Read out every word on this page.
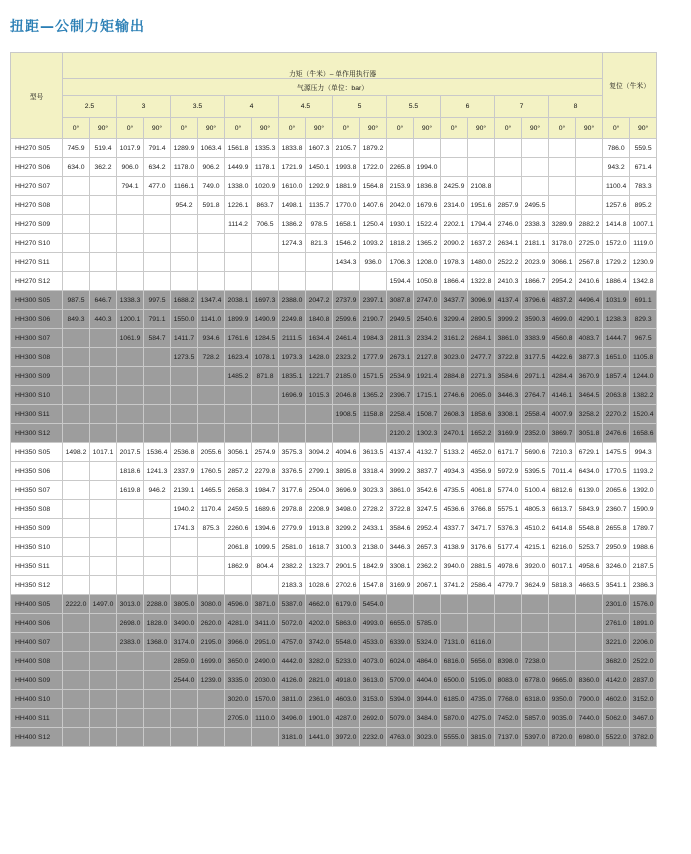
扭距—公制力矩输出
型号	力矩（牛米）– 单作用执行器																				复位（牛米）	
	气源压力（单位：bar）																					
	2.5		3		3.5		4		4.5		5		5.5		6		7		8			
	0°	90°	0°	90°	0°	90°	0°	90°	0°	90°	0°	90°	0°	90°	0°	90°	0°	90°	0°	90°	0°	90°
HH270 S05	745.9	519.4	1017.9	791.4	1289.9	1063.4	1561.8	1335.3	1833.8	1607.3	2105.7	1879.2									786.0	559.5
HH270 S06	634.0	362.2	906.0	634.2	1178.0	906.2	1449.9	1178.1	1721.9	1450.1	1993.8	1722.0	2265.8	1994.0							943.2	671.4
HH270 S07			794.1	477.0	1166.1	749.0	1338.0	1020.9	1610.0	1292.9	1881.9	1564.8	2153.9	1836.8	2425.9	2108.8					1100.4	783.3
HH270 S08					954.2	591.8	1226.1	863.7	1498.1	1135.7	1770.0	1407.6	2042.0	1679.6	2314.0	1951.6	2857.9	2495.5			1257.6	895.2
HH270 S09							1114.2	706.5	1386.2	978.5	1658.1	1250.4	1930.1	1522.4	2202.1	1794.4	2746.0	2338.3	3289.9	2882.2	1414.8	1007.1
HH270 S10									1274.3	821.3	1546.2	1093.2	1818.2	1365.2	2090.2	1637.2	2634.1	2181.1	3178.0	2725.0	1572.0	1119.0
HH270 S11											1434.3	936.0	1706.3	1208.0	1978.3	1480.0	2522.2	2023.9	3066.1	2567.8	1729.2	1230.9
HH270 S12													1594.4	1050.8	1866.4	1322.8	2410.3	1866.7	2954.2	2410.6	1886.4	1342.8
HH300 S05	987.5	646.7	1338.3	997.5	1688.2	1347.4	2038.1	1697.3	2388.0	2047.2	2737.9	2397.1	3087.8	2747.0	3437.7	3096.9	4137.4	3796.6	4837.2	4496.4	1031.9	691.1
HH300 S06	849.3	440.3	1200.1	791.1	1550.0	1141.0	1899.9	1490.9	2249.8	1840.8	2599.6	2190.7	2949.5	2540.6	3299.4	2890.5	3999.2	3590.3	4699.0	4290.1	1238.3	829.3
HH300 S07			1061.9	584.7	1411.7	934.6	1761.6	1284.5	2111.5	1634.4	2461.4	1984.3	2811.3	2334.2	3161.2	2684.1	3861.0	3383.9	4560.8	4083.7	1444.7	967.5
HH300 S08					1273.5	728.2	1623.4	1078.1	1973.3	1428.0	2323.2	1777.9	2673.1	2127.8	3023.0	2477.7	3722.8	3177.5	4422.6	3877.3	1651.0	1105.8
HH300 S09							1485.2	871.8	1835.1	1221.7	2185.0	1571.5	2534.9	1921.4	2884.8	2271.3	3584.6	2971.1	4284.4	3670.9	1857.4	1244.0
HH300 S10									1696.9	1015.3	2046.8	1365.2	2396.7	1715.1	2746.6	2065.0	3446.3	2764.7	4146.1	3464.5	2063.8	1382.2
HH300 S11											1908.5	1158.8	2258.4	1508.7	2608.3	1858.6	3308.1	2558.4	4007.9	3258.2	2270.2	1520.4
HH300 S12													2120.2	1302.3	2470.1	1652.2	3169.9	2352.0	3869.7	3051.8	2476.6	1658.6
HH350 S05	1498.2	1017.1	2017.5	1536.4	2536.8	2055.6	3056.1	2574.9	3575.3	3094.2	4094.6	3613.5	4137.4	4132.7	5133.2	4652.0	6171.7	5690.6	7210.3	6729.1	1475.5	994.3
HH350 S06			1818.6	1241.3	2337.9	1760.5	2857.2	2279.8	3376.5	2799.1	3895.8	3318.4	3999.2	3837.7	4934.3	4356.9	5972.9	5395.5	7011.4	6434.0	1770.5	1193.2
HH350 S07			1619.8	946.2	2139.1	1465.5	2658.3	1984.7	3177.6	2504.0	3696.9	3023.3	3861.0	3542.6	4735.5	4061.8	5774.0	5100.4	6812.6	6139.0	2065.6	1392.0
HH350 S08					1940.2	1170.4	2459.5	1689.6	2978.8	2208.9	3498.0	2728.2	3722.8	3247.5	4536.6	3766.8	5575.1	4805.3	6613.7	5843.9	2360.7	1590.9
HH350 S09					1741.3	875.3	2260.6	1394.6	2779.9	1913.8	3299.2	2433.1	3584.6	2952.4	4337.7	3471.7	5376.3	4510.2	6414.8	5548.8	2655.8	1789.7
HH350 S10							2061.8	1099.5	2581.0	1618.7	3100.3	2138.0	3446.3	2657.3	4138.9	3176.6	5177.4	4215.1	6216.0	5253.7	2950.9	1988.6
HH350 S11							1862.9	804.4	2382.2	1323.7	2901.5	1842.9	3308.1	2362.2	3940.0	2881.5	4978.6	3920.0	6017.1	4958.6	3246.0	2187.5
HH350 S12									2183.3	1028.6	2702.6	1547.8	3169.9	2067.1	3741.2	2586.4	4779.7	3624.9	5818.3	4663.5	3541.1	2386.3
HH400 S05	2222.0	1497.0	3013.0	2288.0	3805.0	3080.0	4596.0	3871.0	5387.0	4662.0	6179.0	5454.0									2301.0	1576.0
HH400 S06			2698.0	1828.0	3490.0	2620.0	4281.0	3411.0	5072.0	4202.0	5863.0	4993.0	6655.0	5785.0							2761.0	1891.0
HH400 S07			2383.0	1368.0	3174.0	2195.0	3966.0	2951.0	4757.0	3742.0	5548.0	4533.0	6339.0	5324.0	7131.0	6116.0					3221.0	2206.0
HH400 S08					2859.0	1699.0	3650.0	2490.0	4442.0	3282.0	5233.0	4073.0	6024.0	4864.0	6816.0	5656.0	8398.0	7238.0			3682.0	2522.0
HH400 S09					2544.0	1239.0	3335.0	2030.0	4126.0	2821.0	4918.0	3613.0	5709.0	4404.0	6500.0	5195.0	8083.0	6778.0	9665.0	8360.0	4142.0	2837.0
HH400 S10							3020.0	1570.0	3811.0	2361.0	4603.0	3153.0	5394.0	3944.0	6185.0	4735.0	7768.0	6318.0	9350.0	7900.0	4602.0	3152.0
HH400 S11							2705.0	1110.0	3496.0	1901.0	4287.0	2692.0	5079.0	3484.0	5870.0	4275.0	7452.0	5857.0	9035.0	7440.0	5062.0	3467.0
HH400 S12									3181.0	1441.0	3972.0	2232.0	4763.0	3023.0	5555.0	3815.0	7137.0	5397.0	8720.0	6980.0	5522.0	3782.0
